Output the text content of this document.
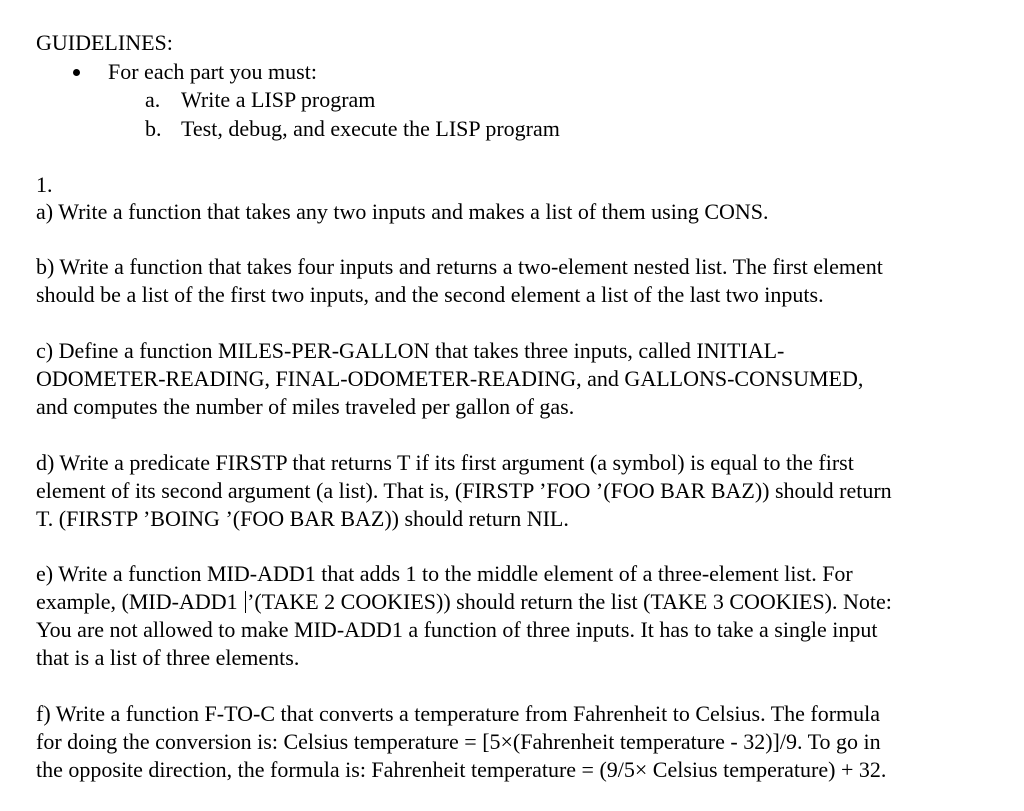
GUIDELINES:
For each part you must:
a. Write a LISP program
b. Test, debug, and execute the LISP program
1.
a) Write a function that takes any two inputs and makes a list of them using CONS.
b) Write a function that takes four inputs and returns a two-element nested list. The first element
should be a list of the first two inputs, and the second element a list of the last two inputs.
c) Define a function MILES-PER-GALLON that takes three inputs, called INITIAL-
ODOMETER-READING, FINAL-ODOMETER-READING, and GALLONS-CONSUMED,
and computes the number of miles traveled per gallon of gas.
d) Write a predicate FIRSTP that returns T if its first argument (a symbol) is equal to the first
element of its second argument (a list). That is, (FIRSTP ’FOO ’(FOO BAR BAZ)) should return
T. (FIRSTP ’BOING ’(FOO BAR BAZ)) should return NIL.
e) Write a function MID-ADD1 that adds 1 to the middle element of a three-element list. For
example, (MID-ADD1 ’(TAKE 2 COOKIES)) should return the list (TAKE 3 COOKIES). Note:
You are not allowed to make MID-ADD1 a function of three inputs. It has to take a single input
that is a list of three elements.
f) Write a function F-TO-C that converts a temperature from Fahrenheit to Celsius. The formula
for doing the conversion is: Celsius temperature = [5×(Fahrenheit temperature - 32)]/9. To go in
the opposite direction, the formula is: Fahrenheit temperature = (9/5× Celsius temperature) + 32.
